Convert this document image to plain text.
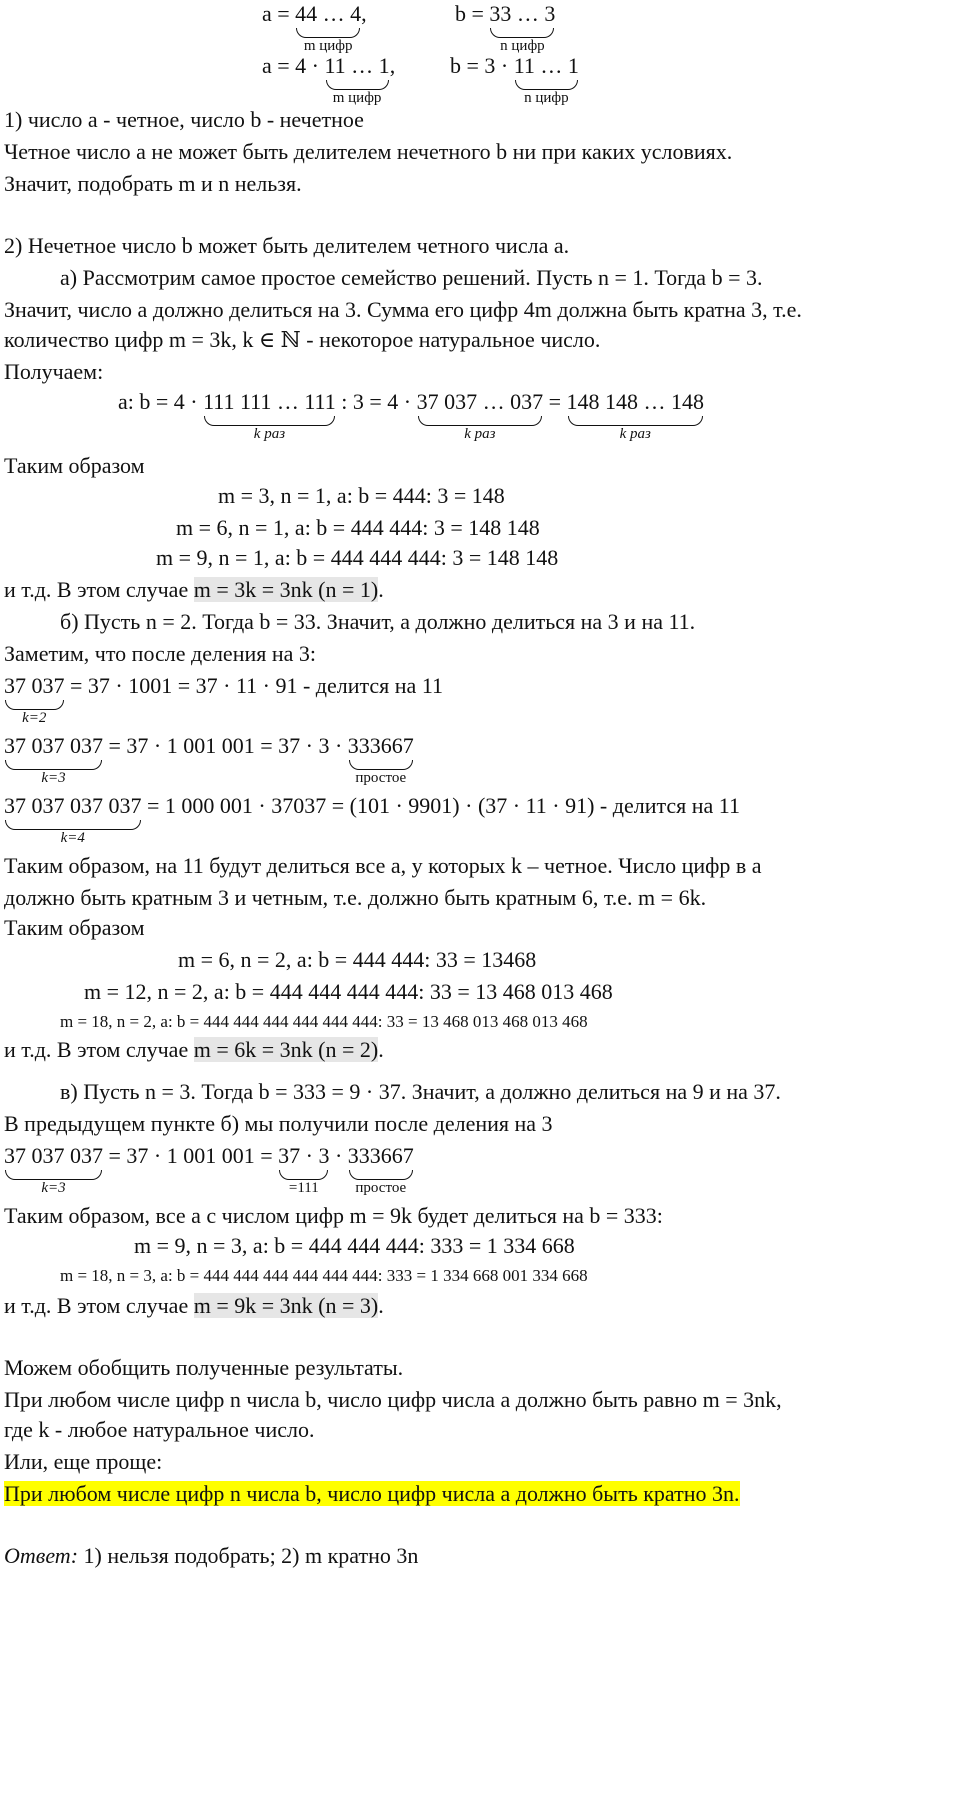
a = 44 … 4
m цифр
,	b = 33 … 3
n цифр
a = 4 · 11 … 1
m цифр
, b = 3 · 11 … 1
n цифр
1) число a - четное, число b - нечетное
Четное число a не может быть делителем нечетного b ни при каких условиях.
Значит, подобрать m и n нельзя.
2) Нечетное число b может быть делителем четного числа a.
а) Рассмотрим самое простое семейство решений. Пусть n = 1. Тогда b = 3.
Значит, число a должно делиться на 3. Сумма его цифр 4m должна быть кратна 3, т.е.
количество цифр m = 3k, k ∈ ℕ - некоторое натуральное число.
Получаем:
a: b = 4 · 111 111 … 111
k раз
: 3 = 4 · 37 037 … 037
k раз
= 148 148 … 148
k раз
Таким образом
m = 3, n = 1, a: b = 444: 3 = 148
m = 6, n = 1, a: b = 444 444: 3 = 148 148
m = 9, n = 1, a: b = 444 444 444: 3 = 148 148
и т.д. В этом случае m = 3k = 3nk (n = 1).
б) Пусть n = 2. Тогда b = 33. Значит, a должно делиться на 3 и на 11.
Заметим, что после деления на 3:
37 037
k=2
= 37 · 1001 = 37 · 11 · 91 - делится на 11
37 037 037
k=3
= 37 · 1 001 001 = 37 · 3 · 333667
простое
37 037 037 037
k=4
= 1 000 001 · 37037 = (101 · 9901) · (37 · 11 · 91) - делится на 11
Таким образом, на 11 будут делиться все a, у которых k – четное. Число цифр в a
должно быть кратным 3 и четным, т.е. должно быть кратным 6, т.е. m = 6k.
Таким образом
m = 6, n = 2, a: b = 444 444: 33 = 13468
m = 12, n = 2, a: b = 444 444 444 444: 33 = 13 468 013 468
m = 18, n = 2, a: b = 444 444 444 444 444 444: 33 = 13 468 013 468 013 468
и т.д. В этом случае m = 6k = 3nk (n = 2).
в) Пусть n = 3. Тогда b = 333 = 9 · 37. Значит, a должно делиться на 9 и на 37.
В предыдущем пункте б) мы получили после деления на 3
37 037 037
k=3
= 37 · 1 001 001 = 37 · 3
=111
· 333667
простое
Таким образом, все a с числом цифр m = 9k будет делиться на b = 333:
m = 9, n = 3, a: b = 444 444 444: 333 = 1 334 668
m = 18, n = 3, a: b = 444 444 444 444 444 444: 333 = 1 334 668 001 334 668
и т.д. В этом случае m = 9k = 3nk (n = 3).
Можем обобщить полученные результаты.
При любом числе цифр n числа b, число цифр числа a должно быть равно m = 3nk,
где k - любое натуральное число.
Или, еще проще:
При любом числе цифр n числа b, число цифр числа a должно быть кратно 3n.
Ответ: 1) нельзя подобрать; 2) m кратно 3n
